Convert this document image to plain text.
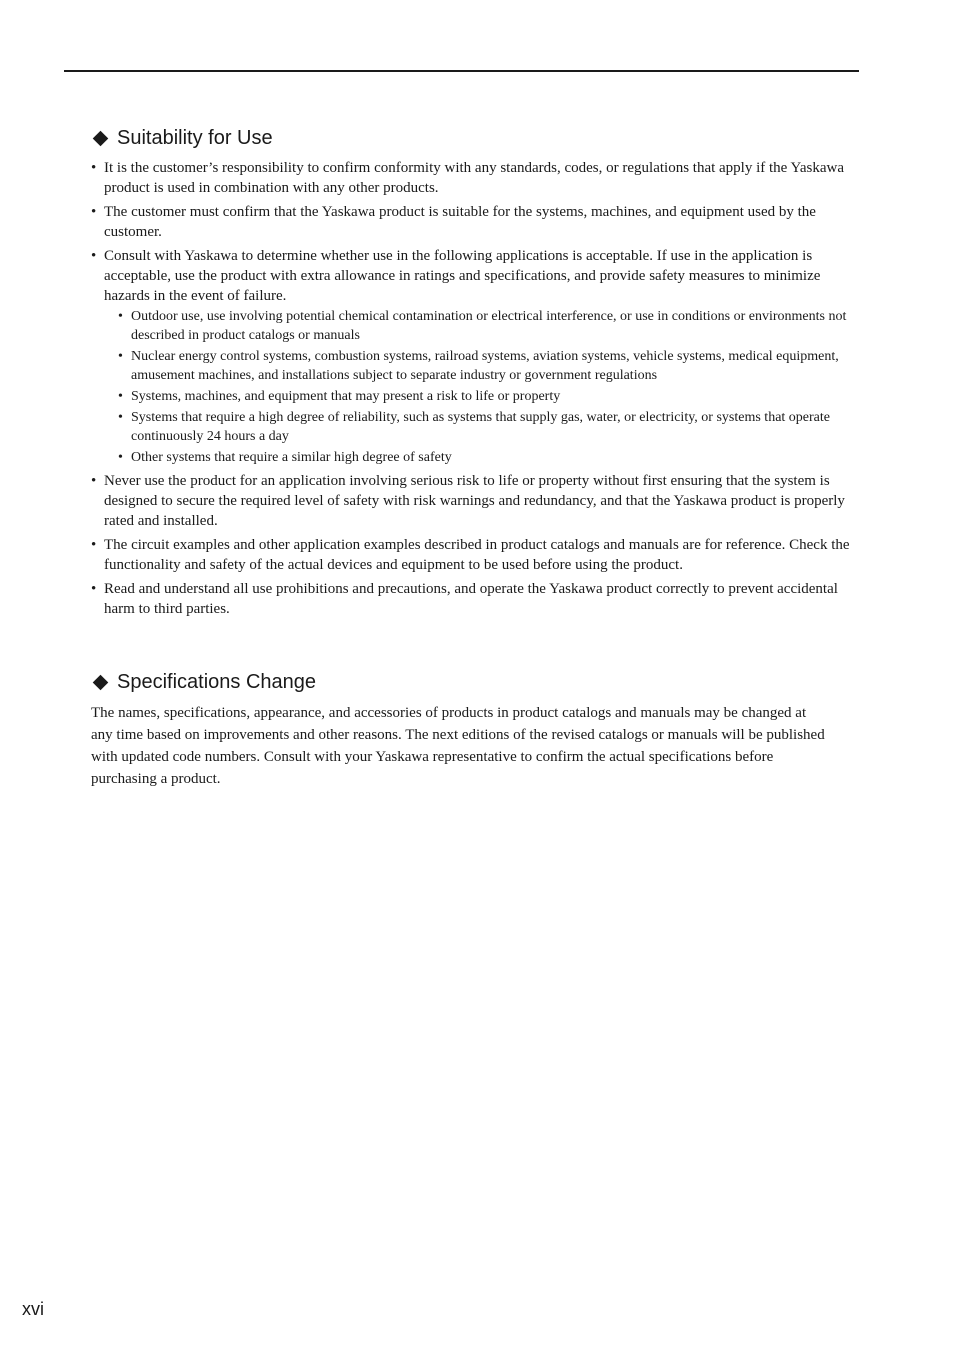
Suitability for Use
• It is the customer’s responsibility to confirm conformity with any standards, codes, or regulations that apply if the Yaskawa product is used in combination with any other products.
• The customer must confirm that the Yaskawa product is suitable for the systems, machines, and equipment used by the customer.
• Consult with Yaskawa to determine whether use in the following applications is acceptable. If use in the application is acceptable, use the product with extra allowance in ratings and specifications, and provide safety measures to minimize hazards in the event of failure.
• Outdoor use, use involving potential chemical contamination or electrical interference, or use in conditions or environments not described in product catalogs or manuals
• Nuclear energy control systems, combustion systems, railroad systems, aviation systems, vehicle systems, medical equipment, amusement machines, and installations subject to separate industry or government regulations
• Systems, machines, and equipment that may present a risk to life or property
• Systems that require a high degree of reliability, such as systems that supply gas, water, or electricity, or systems that operate continuously 24 hours a day
• Other systems that require a similar high degree of safety
• Never use the product for an application involving serious risk to life or property without first ensuring that the system is designed to secure the required level of safety with risk warnings and redundancy, and that the Yaskawa product is properly rated and installed.
• The circuit examples and other application examples described in product catalogs and manuals are for reference. Check the functionality and safety of the actual devices and equipment to be used before using the product.
• Read and understand all use prohibitions and precautions, and operate the Yaskawa product correctly to prevent accidental harm to third parties.
Specifications Change

The names, specifications, appearance, and accessories of products in product catalogs and manuals may be changed at any time based on improvements and other reasons. The next editions of the revised catalogs or manuals will be published with updated code numbers. Consult with your Yaskawa representative to confirm the actual specifications before purchasing a product.

xvi
